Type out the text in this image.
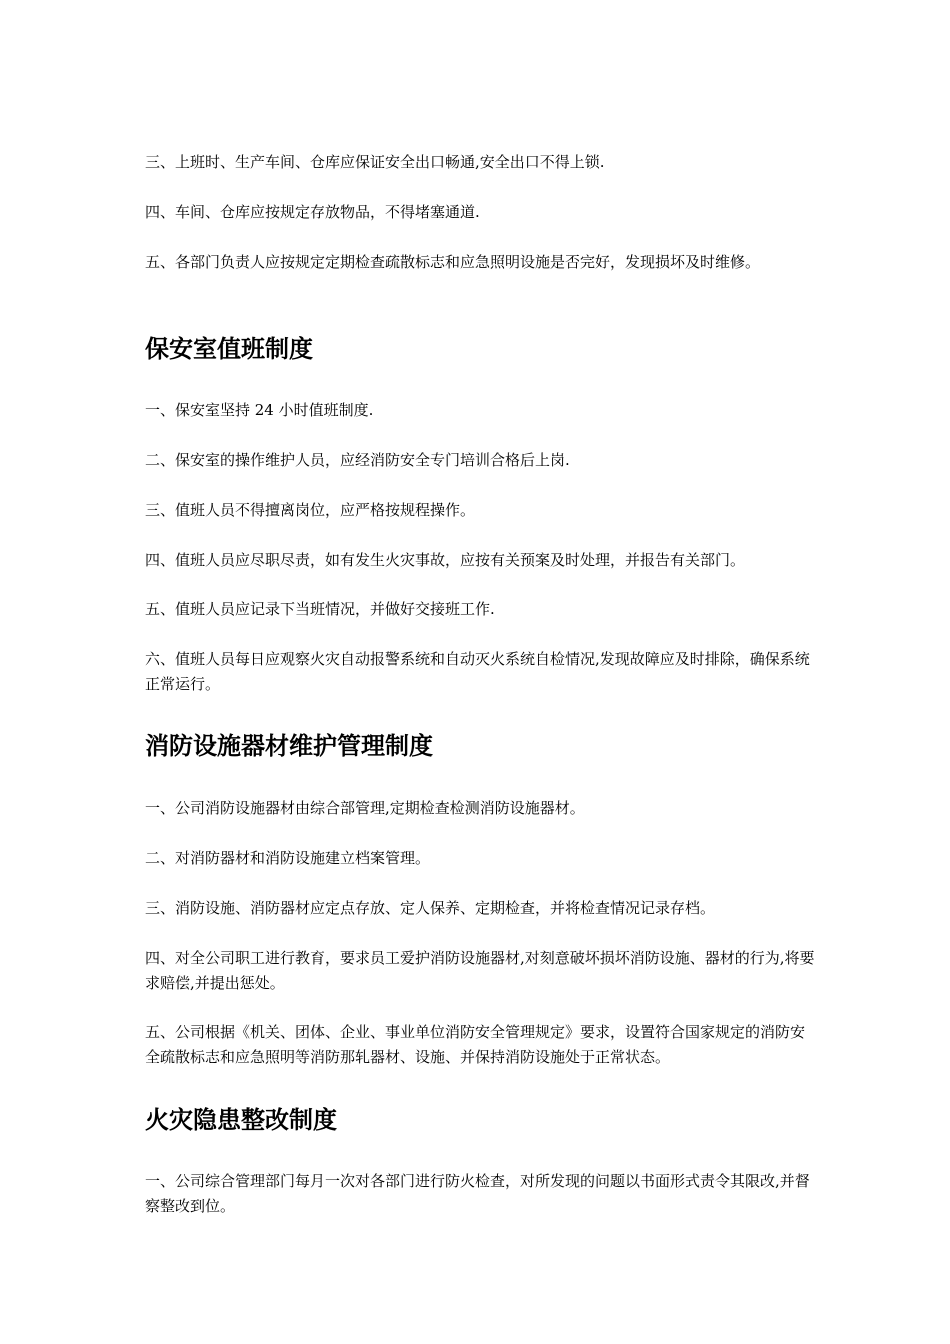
三、上班时、生产车间、仓库应保证安全出口畅通,安全出口不得上锁.

四、车间、仓库应按规定存放物品，不得堵塞通道.

五、各部门负责人应按规定定期检查疏散标志和应急照明设施是否完好，发现损坏及时维修。

保安室值班制度

一、保安室坚持 24 小时值班制度.

二、保安室的操作维护人员，应经消防安全专门培训合格后上岗.

三、值班人员不得擅离岗位，应严格按规程操作。

四、值班人员应尽职尽责，如有发生火灾事故，应按有关预案及时处理，并报告有关部门。

五、值班人员应记录下当班情况，并做好交接班工作.

六、值班人员每日应观察火灾自动报警系统和自动灭火系统自检情况,发现故障应及时排除，确保系统正常运行。

消防设施器材维护管理制度

一、公司消防设施器材由综合部管理,定期检查检测消防设施器材。

二、对消防器材和消防设施建立档案管理。

三、消防设施、消防器材应定点存放、定人保养、定期检查，并将检查情况记录存档。

四、对全公司职工进行教育，要求员工爱护消防设施器材,对刻意破坏损坏消防设施、器材的行为,将要求赔偿,并提出惩处。

五、公司根据《机关、团体、企业、事业单位消防安全管理规定》要求，设置符合国家规定的消防安全疏散标志和应急照明等消防那轧器材、设施、并保持消防设施处于正常状态。

火灾隐患整改制度

一、公司综合管理部门每月一次对各部门进行防火检查，对所发现的问题以书面形式责令其限改,并督察整改到位。
